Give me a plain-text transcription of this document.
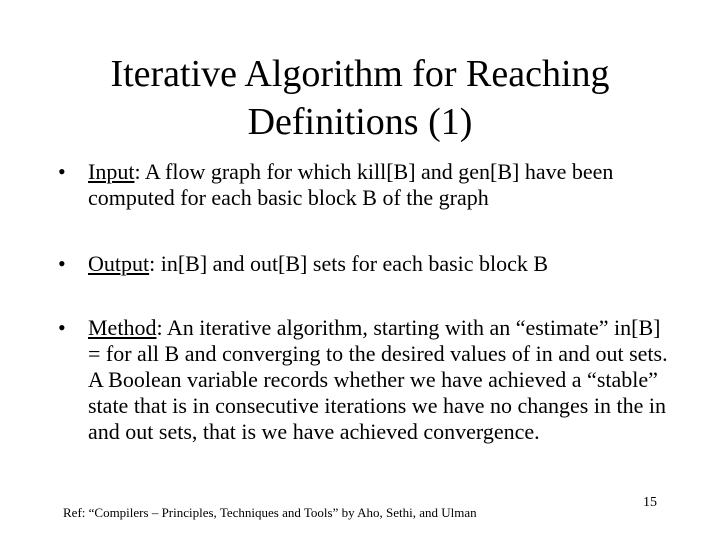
Iterative Algorithm for Reaching Definitions (1)
• Input: A flow graph for which kill[B] and gen[B] have been computed for each basic block B of the graph
• Output: in[B] and out[B] sets for each basic block B
• Method: An iterative algorithm, starting with an “estimate” in[B] = for all B and converging to the desired values of in and out sets. A Boolean variable records whether we have achieved a “stable” state that is in consecutive iterations we have no changes in the in and out sets, that is we have achieved convergence.
Ref: “Compilers – Principles, Techniques and Tools” by Aho, Sethi, and Ulman
15
